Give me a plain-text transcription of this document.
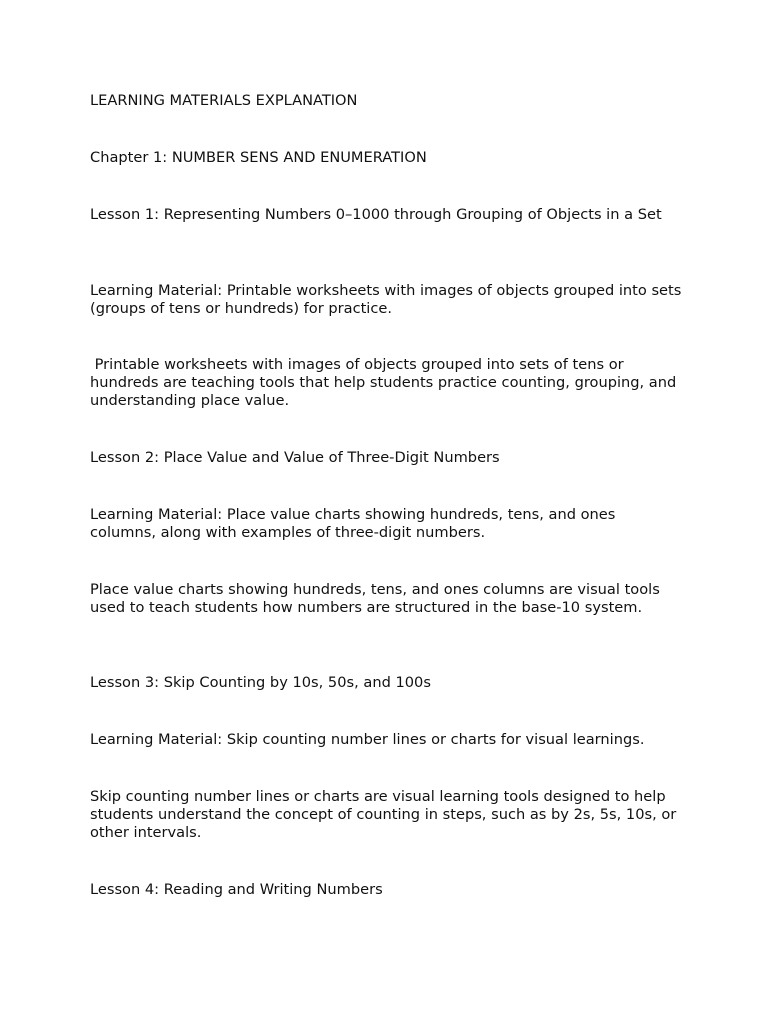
LEARNING MATERIALS EXPLANATION

Chapter 1: NUMBER SENS AND ENUMERATION

Lesson 1: Representing Numbers 0–1000 through Grouping of Objects in a Set

Learning Material: Printable worksheets with images of objects grouped into sets (groups of tens or hundreds) for practice.

Printable worksheets with images of objects grouped into sets of tens or hundreds are teaching tools that help students practice counting, grouping, and understanding place value.

Lesson 2: Place Value and Value of Three-Digit Numbers

Learning Material: Place value charts showing hundreds, tens, and ones columns, along with examples of three-digit numbers.

Place value charts showing hundreds, tens, and ones columns are visual tools used to teach students how numbers are structured in the base-10 system.

Lesson 3: Skip Counting by 10s, 50s, and 100s

Learning Material: Skip counting number lines or charts for visual learnings.

Skip counting number lines or charts are visual learning tools designed to help students understand the concept of counting in steps, such as by 2s, 5s, 10s, or other intervals.

Lesson 4: Reading and Writing Numbers
